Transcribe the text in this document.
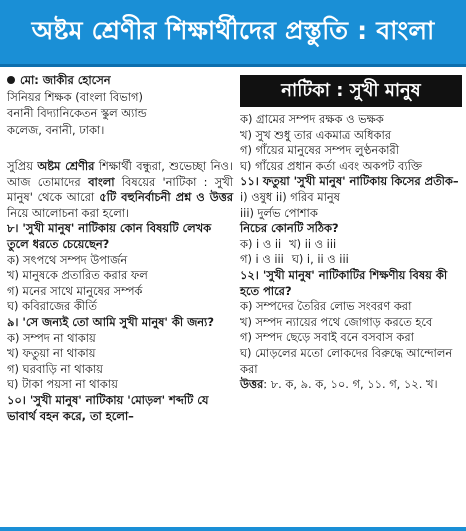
অষ্টম শ্রেণীর শিক্ষার্থীদের প্রস্তুতি : বাংলা
মো: জাকীর হোসেন
সিনিয়র শিক্ষক (বাংলা বিভাগ)
বনানী বিদ্যানিকেতন স্কুল অ্যান্ড
কলেজ, বনানী, ঢাকা।
সুপ্রিয় অষ্টম শ্রেণীর শিক্ষার্থী বন্ধুরা, শুভেচ্ছা নিও। আজ তোমাদের বাংলা বিষয়ের 'নাটিকা : সুখী মানুষ' থেকে আরো ৫টি বহুনির্বাচনী প্রশ্ন ও উত্তর নিয়ে আলোচনা করা হলো।
৮। 'সুখী মানুষ' নাটিকায় কোন বিষয়টি লেখক তুলে ধরতে চেয়েছেন?
ক) সৎপথে সম্পদ উপার্জন
খ) মানুষকে প্রতারিত করার ফল
গ) মনের সাথে মানুষের সম্পর্ক
ঘ) কবিরাজের কীর্তি
৯। 'সে জন্যই তো আমি সুখী মানুষ' কী জন্য?
ক) সম্পদ না থাকায়
খ) ফতুয়া না থাকায়
গ) ঘরবাড়ি না থাকায়
ঘ) টাকা পয়সা না থাকায়
১০। 'সুখী মানুষ' নাটিকায় 'মোড়ল' শব্দটি যে ভাবার্থ বহন করে, তা হলো–
নাটিকা : সুখী মানুষ
ক) গ্রামের সম্পদ রক্ষক ও ভক্ষক
খ) সুখ শুধু তার একমাত্র অধিকার
গ) গাঁয়ের মানুষের সম্পদ লুণ্ঠনকারী
ঘ) গাঁয়ের প্রধান কর্তা এবং অকপট ব্যক্তি
১১। ফতুয়া 'সুখী মানুষ' নাটিকায় কিসের প্রতীক–
i) ওষুধ ii) গরিব মানুষ
iii) দুর্লভ পোশাক
নিচের কোনটি সঠিক?
ক) i ও ii খ) ii ও iii
গ) i ও iii ঘ) i, ii ও iii
১২। 'সুখী মানুষ' নাটিকাটির শিক্ষণীয় বিষয় কী হতে পারে?
ক) সম্পদের তৈরির লোভ সংবরণ করা
খ) সম্পদ ন্যায়ের পথে জোগাড় করতে হবে
গ) সম্পদ ছেড়ে সবাই বনে বসবাস করা
ঘ) মোড়লের মতো লোকদের বিরুদ্ধে আন্দোলন করা
উত্তর: ৮. ক, ৯. ক, ১০. গ, ১১. গ, ১২. খ।
